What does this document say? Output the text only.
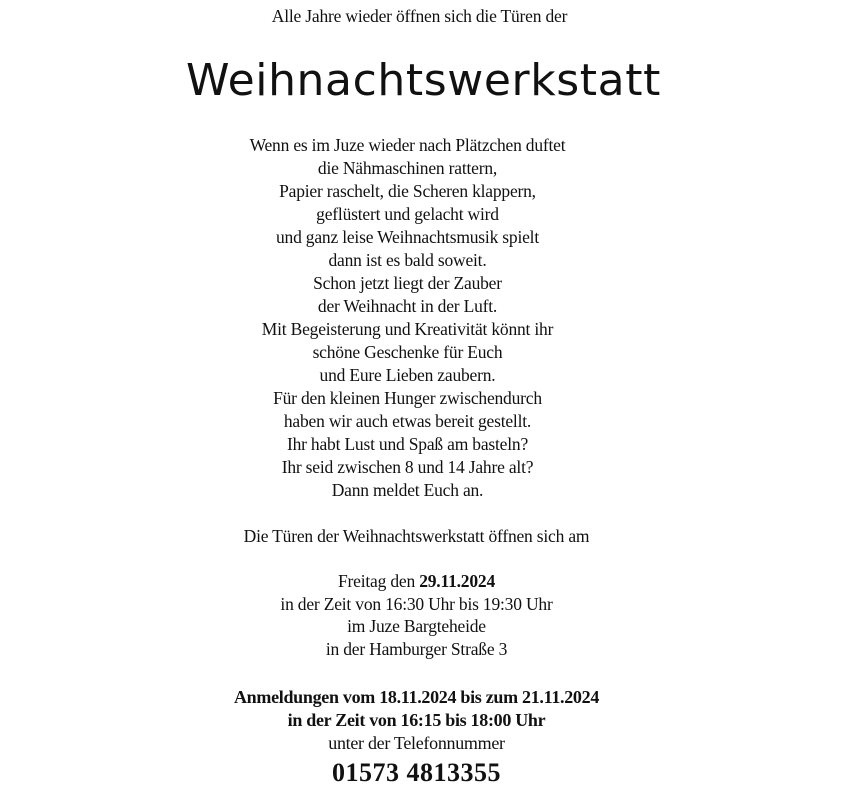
Alle Jahre wieder öffnen sich die Türen der
Weihnachtswerkstatt
Wenn es im Juze wieder nach Plätzchen duftet
die Nähmaschinen rattern,
Papier raschelt, die Scheren klappern,
geflüstert und gelacht wird
und ganz leise Weihnachtsmusik spielt
dann ist es bald soweit.
Schon jetzt liegt der Zauber
der Weihnacht in der Luft.
Mit Begeisterung und Kreativität könnt ihr
schöne Geschenke für Euch
und Eure Lieben zaubern.
Für den kleinen Hunger zwischendurch
haben wir auch etwas bereit gestellt.
Ihr habt Lust und Spaß am basteln?
Ihr seid zwischen 8 und 14 Jahre alt?
Dann meldet Euch an.
Die Türen der Weihnachtswerkstatt öffnen sich am
Freitag den 29.11.2024
in der Zeit von 16:30 Uhr bis 19:30 Uhr
im Juze Bargteheide
in der Hamburger Straße 3
Anmeldungen vom 18.11.2024 bis zum 21.11.2024
in der Zeit von 16:15 bis 18:00 Uhr
unter der Telefonnummer
01573 4813355
